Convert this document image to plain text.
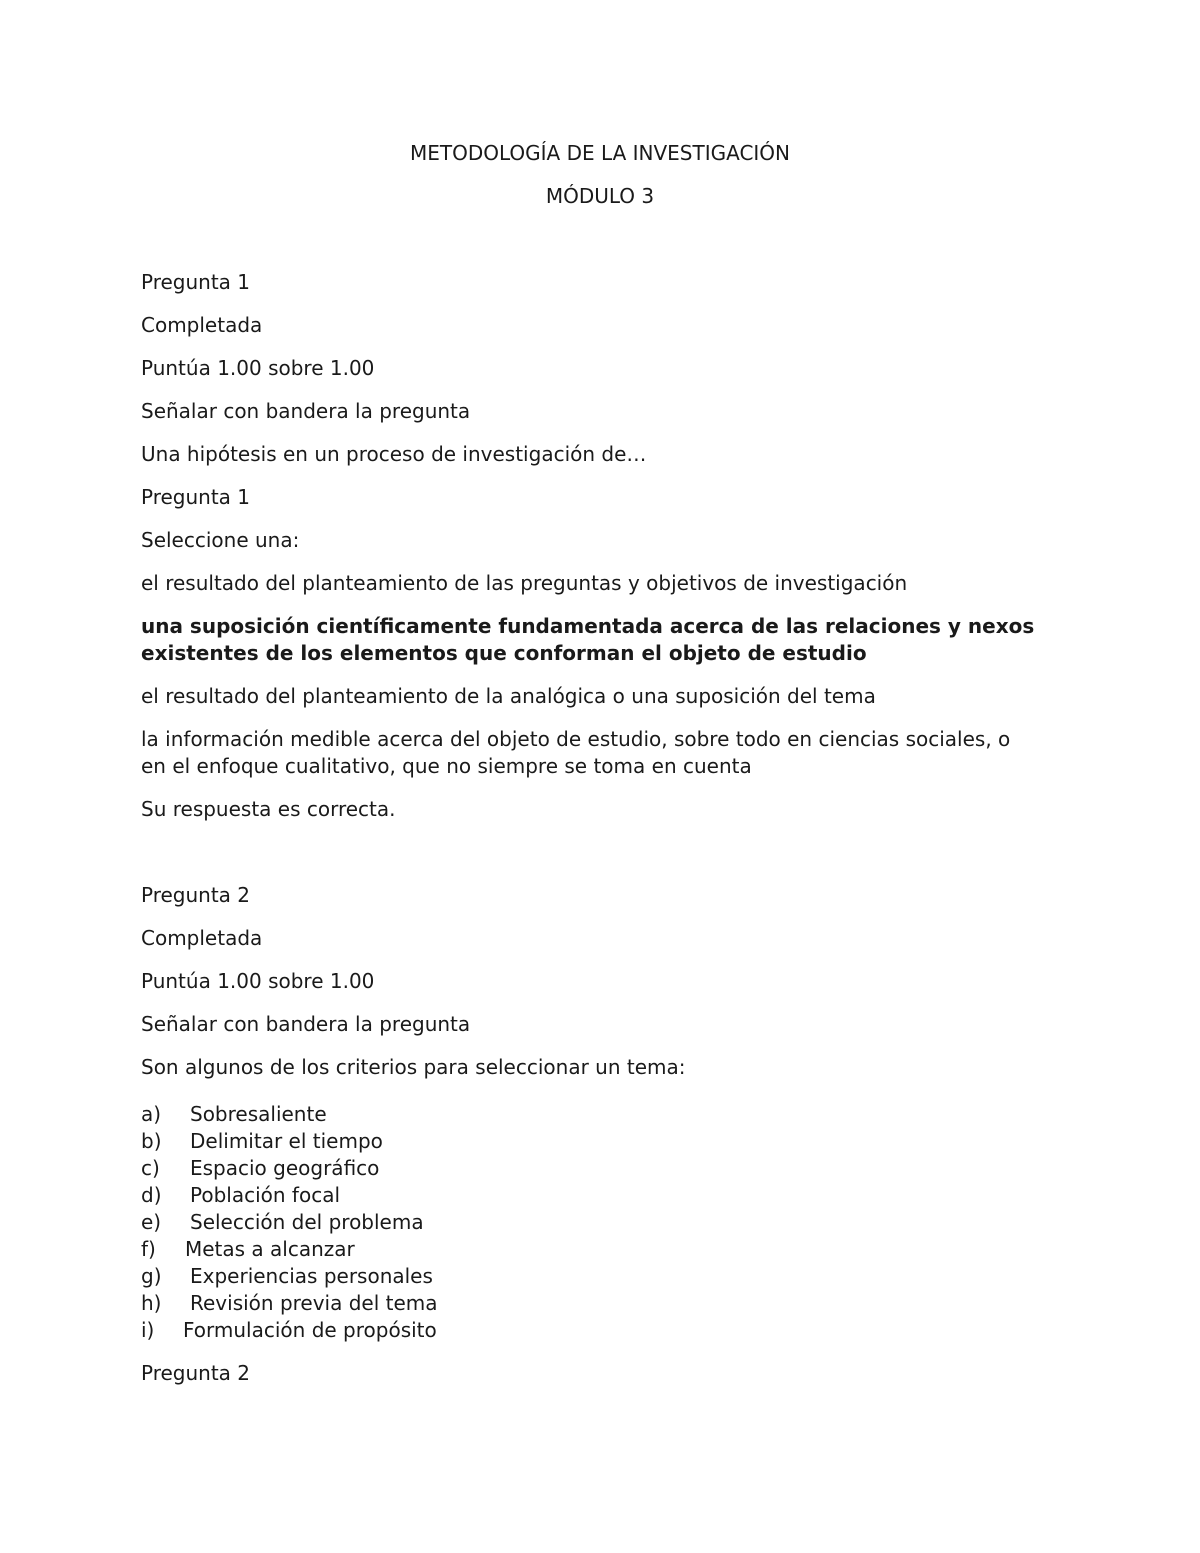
METODOLOGÍA DE LA INVESTIGACIÓN

MÓDULO 3

Pregunta 1

Completada

Puntúa 1.00 sobre 1.00

Señalar con bandera la pregunta

Una hipótesis en un proceso de investigación de…

Pregunta 1

Seleccione una:

el resultado del planteamiento de las preguntas y objetivos de investigación

una suposición científicamente fundamentada acerca de las relaciones y nexos existentes de los elementos que conforman el objeto de estudio

el resultado del planteamiento de la analógica o una suposición del tema

la información medible acerca del objeto de estudio, sobre todo en ciencias sociales, o en el enfoque cualitativo, que no siempre se toma en cuenta

Su respuesta es correcta.

Pregunta 2

Completada

Puntúa 1.00 sobre 1.00

Señalar con bandera la pregunta

Son algunos de los criterios para seleccionar un tema:

a)	Sobresaliente
b)	Delimitar el tiempo
c)	Espacio geográfico
d)	Población focal
e)	Selección del problema
f)	Metas a alcanzar
g)	Experiencias personales
h)	Revisión previa del tema
i)	Formulación de propósito

Pregunta 2
